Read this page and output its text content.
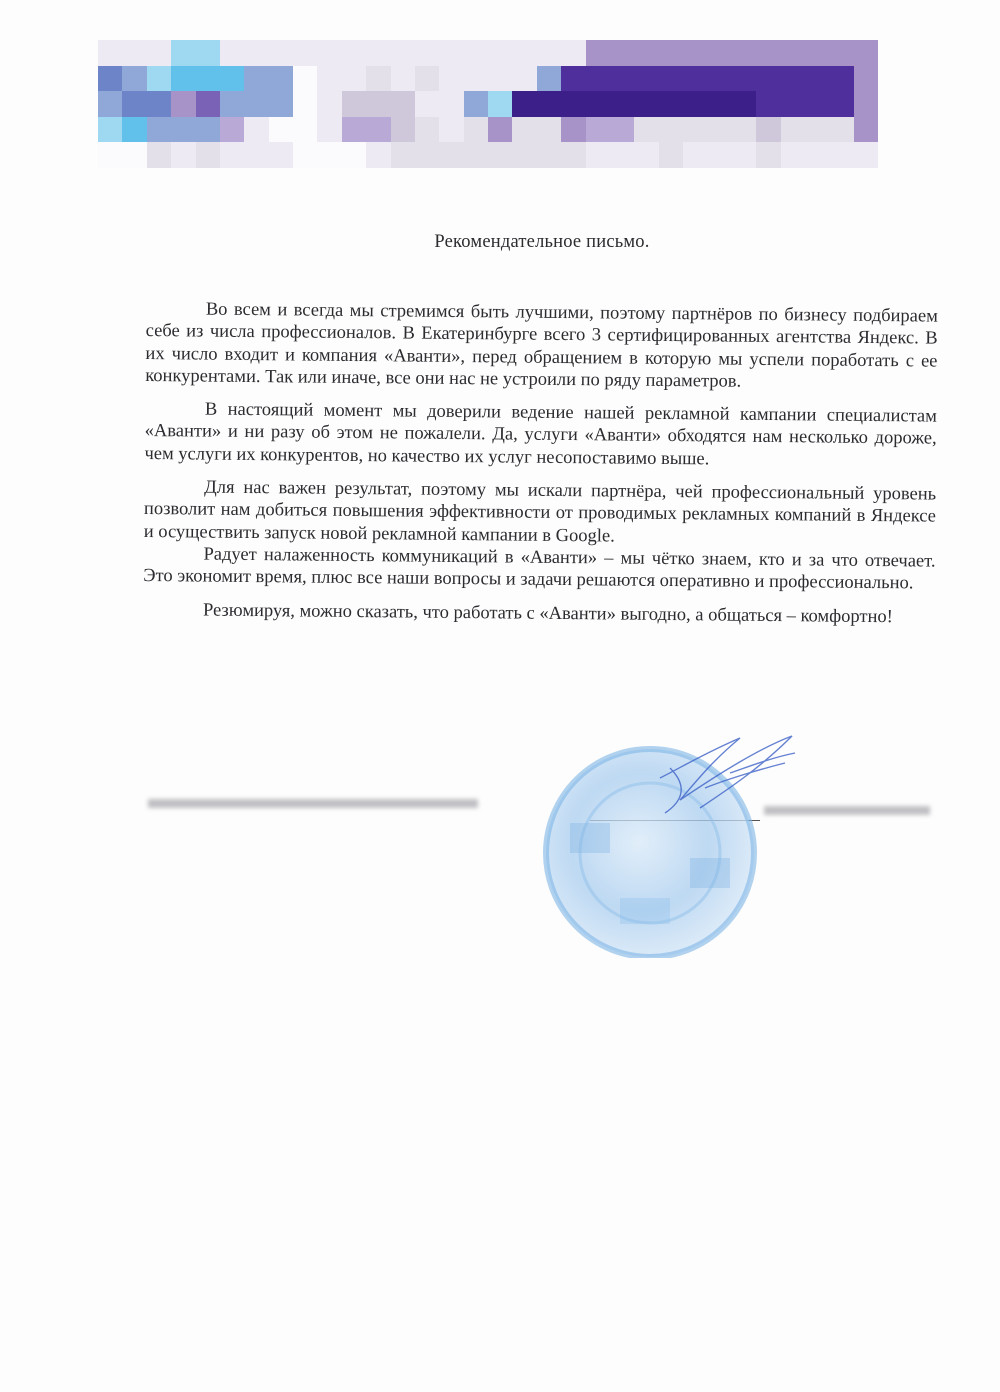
Рекомендательное письмо.

Во всем и всегда мы стремимся быть лучшими, поэтому партнёров по бизнесу подбираем себе из числа профессионалов. В Екатеринбурге всего 3 сертифицированных агентства Яндекс. В их число входит и компания «Аванти», перед обращением в которую мы успели поработать с ее конкурентами. Так или иначе, все они нас не устроили по ряду параметров.

В настоящий момент мы доверили ведение нашей рекламной кампании специалистам «Аванти» и ни разу об этом не пожалели. Да, услуги «Аванти» обходятся нам несколько дороже, чем услуги их конкурентов, но качество их услуг несопоставимо выше.

Для нас важен результат, поэтому мы искали партнёра, чей профессиональный уровень позволит нам добиться повышения эффективности от проводимых рекламных компаний в Яндексе и осуществить запуск новой рекламной кампании в Google.

Радует налаженность коммуникаций в «Аванти» – мы чётко знаем, кто и за что отвечает. Это экономит время, плюс все наши вопросы и задачи решаются оперативно и профессионально.

Резюмируя, можно сказать, что работать с «Аванти» выгодно, а общаться – комфортно!
